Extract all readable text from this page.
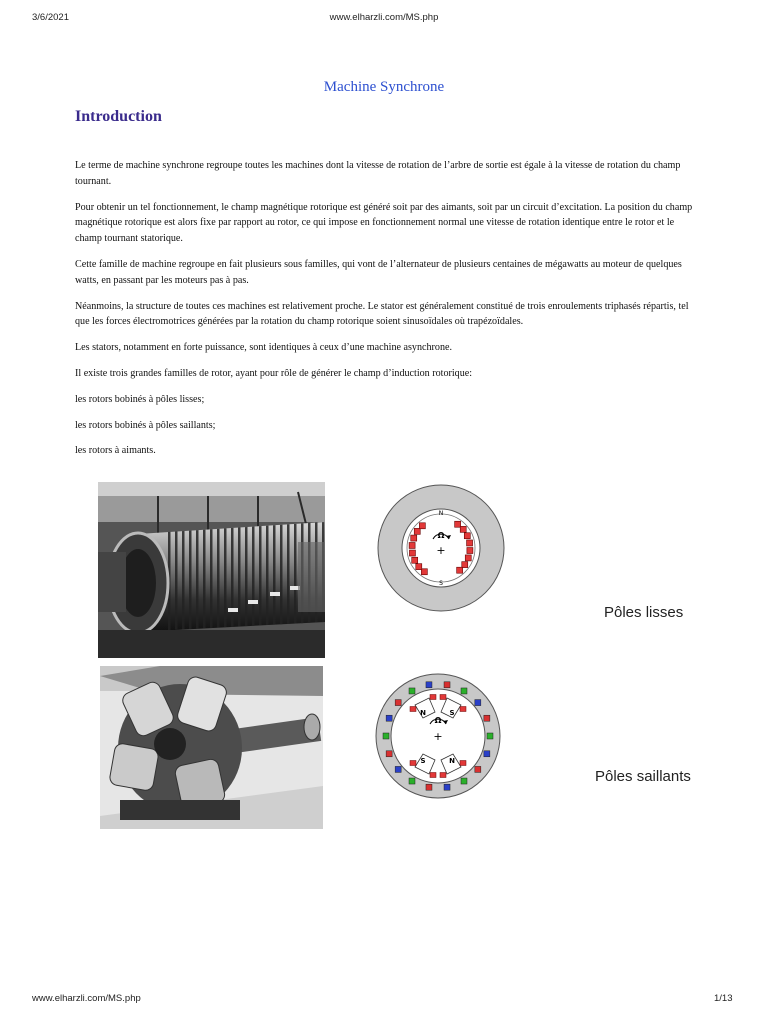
3/6/2021	www.elharzli.com/MS.php
Machine Synchrone
Introduction

Le terme de machine synchrone regroupe toutes les machines dont la vitesse de rotation de l’arbre de sortie est égale à la vitesse de rotation du champ tournant.

Pour obtenir un tel fonctionnement, le champ magnétique rotorique est généré soit par des aimants, soit par un circuit d’excitation. La position du champ magnétique rotorique est alors fixe par rapport au rotor, ce qui impose en fonctionnement normal une vitesse de rotation identique entre le rotor et le champ tournant statorique.

Cette famille de machine regroupe en fait plusieurs sous familles, qui vont de l’alternateur de plusieurs centaines de mégawatts au moteur de quelques watts, en passant par les moteurs pas à pas.

Néanmoins, la structure de toutes ces machines est relativement proche. Le stator est généralement constitué de trois enroulements triphasés répartis, tel que les forces électromotrices générées par la rotation du champ rotorique soient sinusoïdales où trapézoïdales.

Les stators, notamment en forte puissance, sont identiques à ceux d’une machine asynchrone.

Il existe trois grandes familles de rotor, ayant pour rôle de générer le champ d’induction rotorique:

les rotors bobinés à pôles lisses;

les rotors bobinés à pôles saillants;

les rotors à aimants.

N
S
Ω
+
Pôles lisses
N	S
S	N
Ω
+
Pôles saillants
www.elharzli.com/MS.php	1/13
